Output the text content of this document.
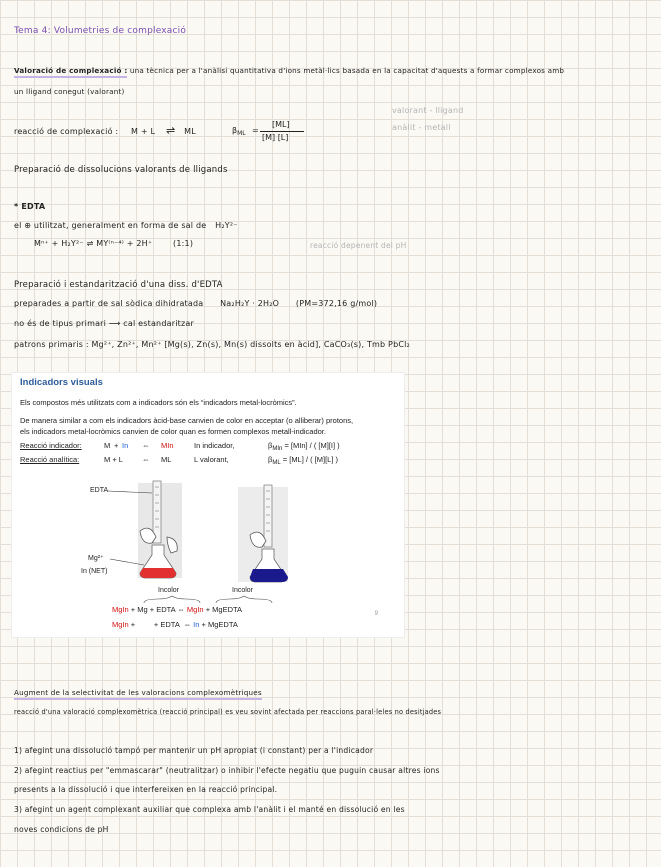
Tema 4: Volumetries de complexació
Valoració de complexació : una tècnica per a l'anàlisi quantitativa d'ions metàl·lics basada en la capacitat d'aquests a formar complexos amb
un lligand conegut (valorant)
valorant - lligand
anàlit - metall
reacció de complexació : M + L ⇌ ML	$\beta_{ML}$ =
[ML]
[M] [L]
Preparació de dissolucions valorants de lligands
* EDTA
el ⊕ utilitzat, generalment en forma de sal de H₂Y²⁻
Mⁿ⁺ + H₂Y²⁻ ⇌ MY⁽ⁿ⁻⁴⁾ + 2H⁺	(1:1)	reacció depenent del pH
Preparació i estandarització d'una diss. d'EDTA
preparades a partir de sal sòdica dihidratada Na₂H₂Y · 2H₂O (PM=372,16 g/mol)
no és de tipus primari ⟶ cal estandaritzar
patrons primaris : Mg²⁺, Zn²⁺, Mn²⁺ [Mg(s), Zn(s), Mn(s) dissolts en àcid], CaCO₃(s), Tmb PbCl₂
Indicadors visuals
Els compostos més utilitzats com a indicadors són els “indicadors metal-locròmics”.
De manera similar a com els indicadors àcid-base canvien de color en acceptar (o alliberar) protons,
els indicadors metal-locròmics canvien de color quan es formen complexos metall-indicador.
Reacció indicador:	M + In ⇔ MIn	In indicador,	$\beta_{MIn} = [MIn]$ / ( [M][I] )
Reacció analítica:	M + L	⇔ ML	L valorant,	$\beta_{ML} = [ML]$ / ( [M][L] )
EDTA
Mg²⁺
In (NET)
Incolor	Incolor
MgIn + Mg + EDTA ⇔ MgIn + MgEDTA
MgIn +         + EDTA  ⇔ In + MgEDTA
9
Augment de la selectivitat de les valoracions complexomètriques
reacció d'una valoració complexomètrica (reacció principal) es veu sovint afectada per reaccions paral·leles no desitjades
1) afegint una dissolució tampó per mantenir un pH apropiat (i constant) per a l'indicador
2) afegint reactius per "emmascarar" (neutralitzar) o inhibir l'efecte negatiu que puguin causar altres ions
presents a la dissolució i que interfereixen en la reacció principal.
3) afegint un agent complexant auxiliar que complexa amb l'anàlit i el manté en dissolució en les
noves condicions de pH
